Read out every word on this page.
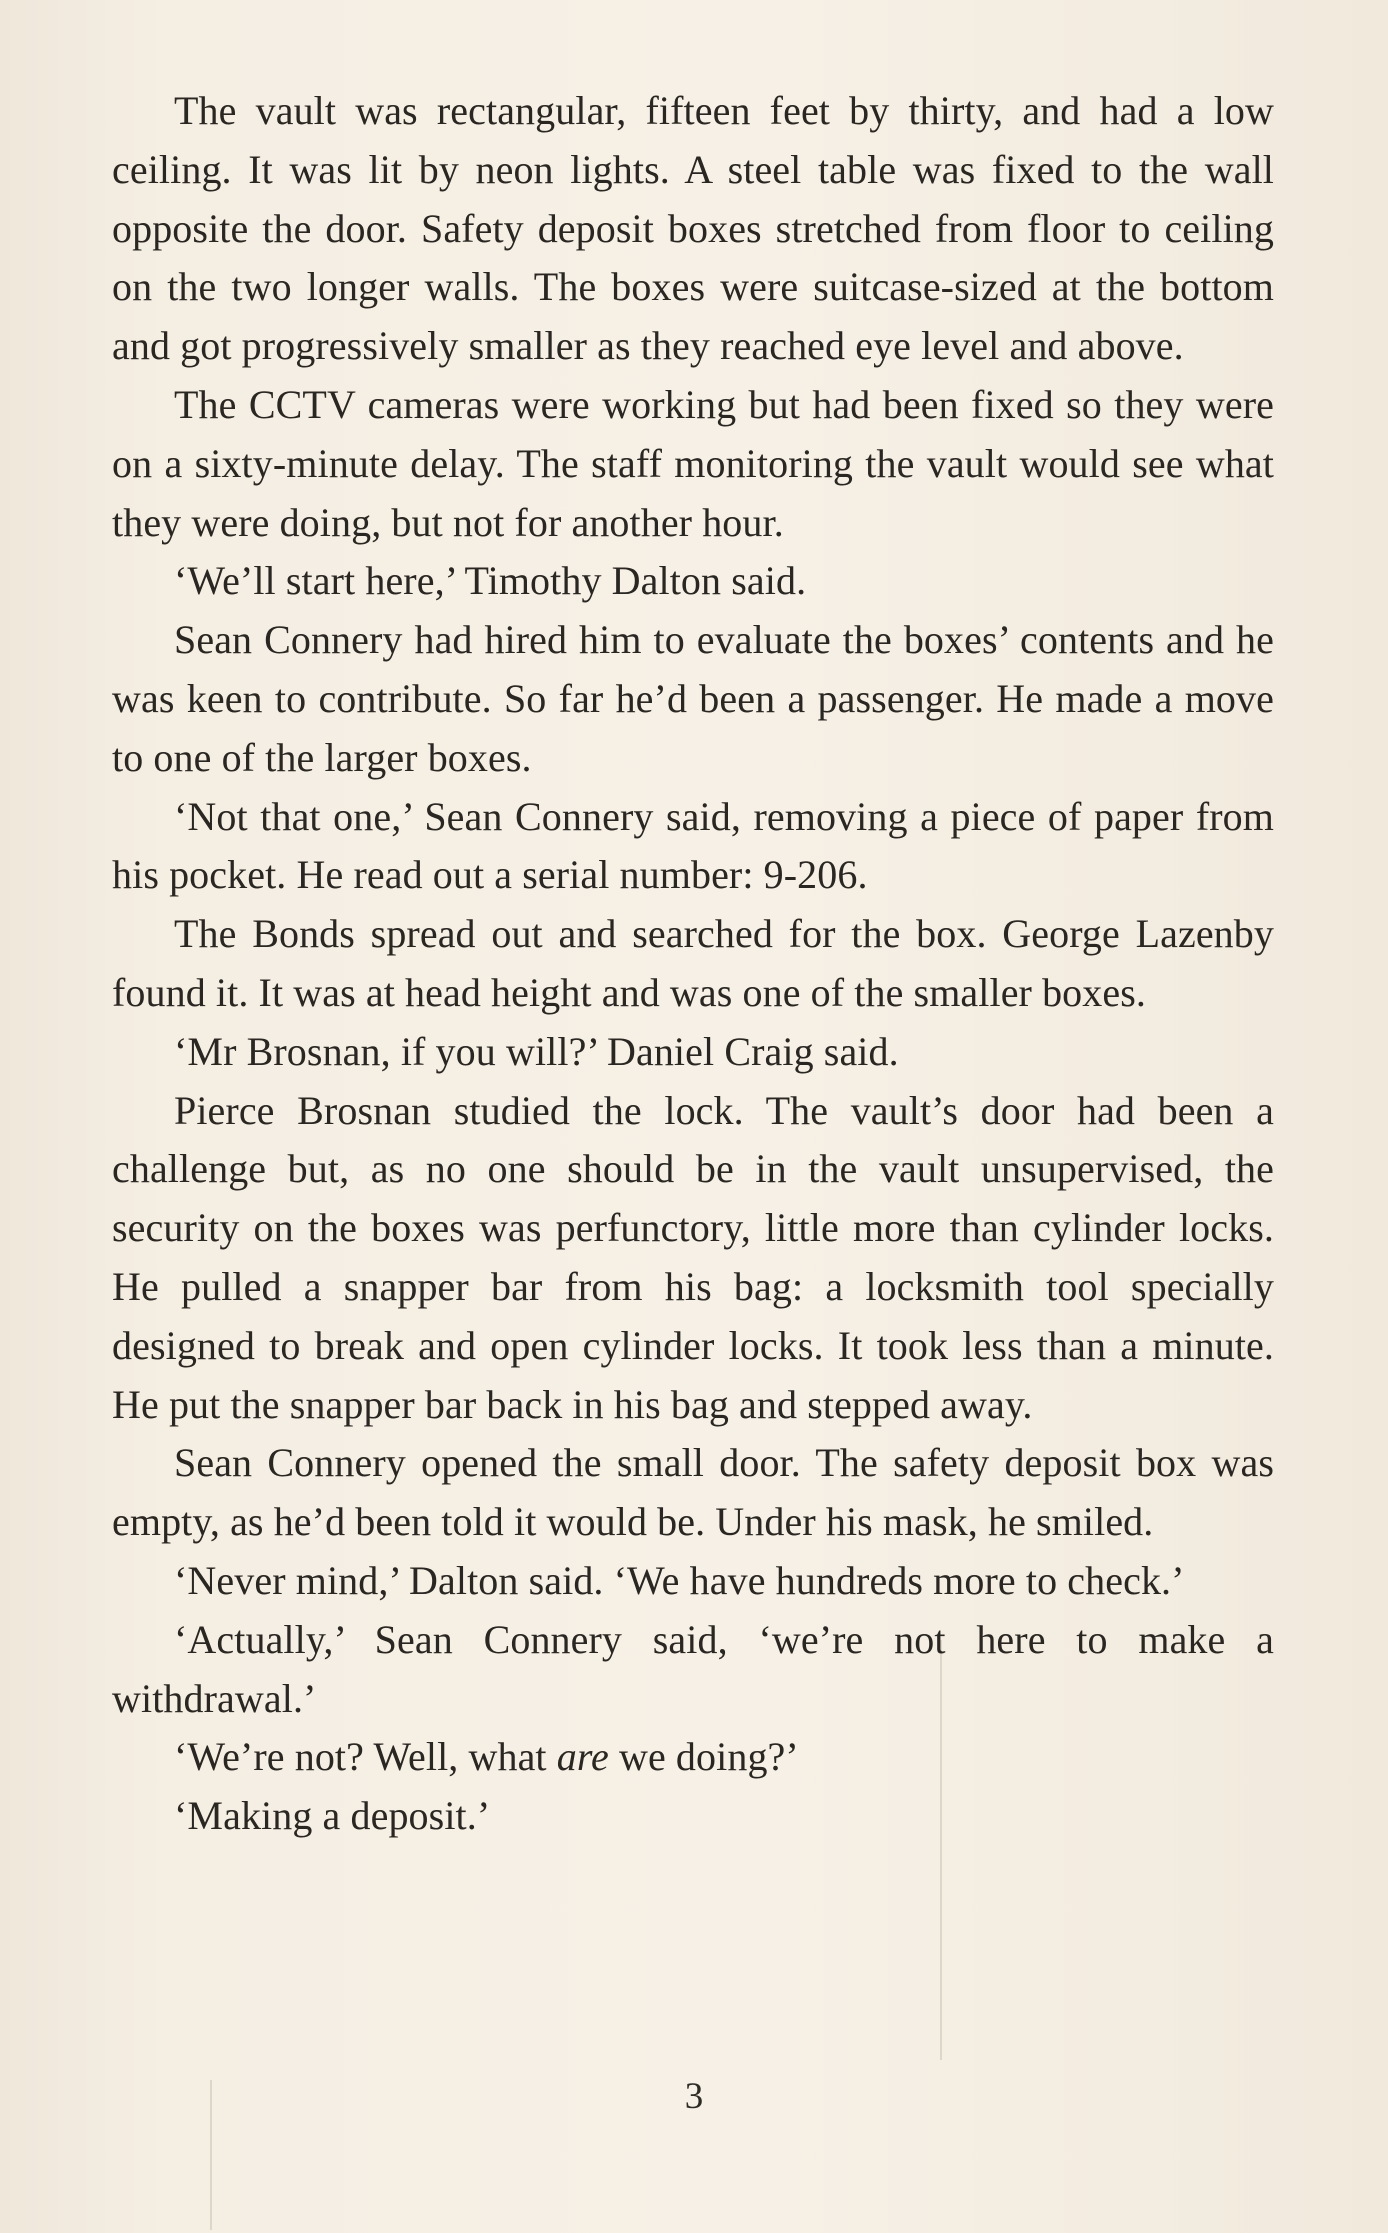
The vault was rectangular, fifteen feet by thirty, and had a low ceiling. It was lit by neon lights. A steel table was fixed to the wall opposite the door. Safety deposit boxes stretched from floor to ceiling on the two longer walls. The boxes were suitcase-sized at the bottom and got progressively smaller as they reached eye level and above.

The CCTV cameras were working but had been fixed so they were on a sixty-minute delay. The staff monitoring the vault would see what they were doing, but not for another hour.

‘We’ll start here,’ Timothy Dalton said.

Sean Connery had hired him to evaluate the boxes’ contents and he was keen to contribute. So far he’d been a passenger. He made a move to one of the larger boxes.

‘Not that one,’ Sean Connery said, removing a piece of paper from his pocket. He read out a serial number: 9-206.

The Bonds spread out and searched for the box. George Lazenby found it. It was at head height and was one of the smaller boxes.

‘Mr Brosnan, if you will?’ Daniel Craig said.

Pierce Brosnan studied the lock. The vault’s door had been a challenge but, as no one should be in the vault unsupervised, the security on the boxes was perfunctory, little more than cylinder locks. He pulled a snapper bar from his bag: a locksmith tool specially designed to break and open cylinder locks. It took less than a minute. He put the snapper bar back in his bag and stepped away.

Sean Connery opened the small door. The safety deposit box was empty, as he’d been told it would be. Under his mask, he smiled.

‘Never mind,’ Dalton said. ‘We have hundreds more to check.’

‘Actually,’ Sean Connery said, ‘we’re not here to make a withdrawal.’

‘We’re not? Well, what are we doing?’

‘Making a deposit.’

3
